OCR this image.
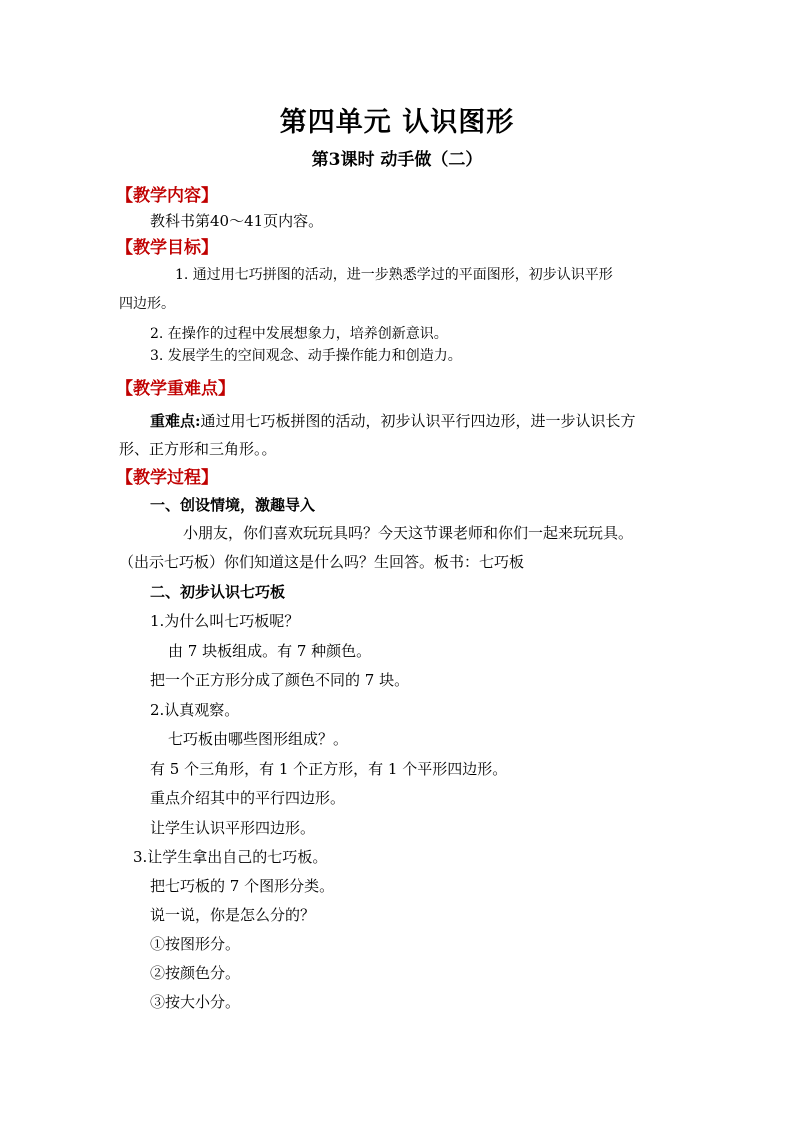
第四单元 认识图形
第3课时 动手做（二）
【教学内容】
教科书第40～41页内容。
【教学目标】
1. 通过用七巧拼图的活动，进一步熟悉学过的平面图形，初步认识平形
四边形。
2. 在操作的过程中发展想象力，培养创新意识。
3. 发展学生的空间观念、动手操作能力和创造力。
【教学重难点】
重难点:通过用七巧板拼图的活动，初步认识平行四边形，进一步认识长方
形、正方形和三角形。。
【教学过程】
一、创设情境，激趣导入
小朋友，你们喜欢玩玩具吗？今天这节课老师和你们一起来玩玩具。
（出示七巧板）你们知道这是什么吗？生回答。板书：七巧板
二、初步认识七巧板
1.为什么叫七巧板呢？
由 7 块板组成。有 7 种颜色。
把一个正方形分成了颜色不同的 7 块。
2.认真观察。
七巧板由哪些图形组成？。
有 5 个三角形，有 1 个正方形，有 1 个平形四边形。
重点介绍其中的平行四边形。
让学生认识平形四边形。
3.让学生拿出自己的七巧板。
把七巧板的 7 个图形分类。
说一说，你是怎么分的？
①按图形分。
②按颜色分。
③按大小分。
